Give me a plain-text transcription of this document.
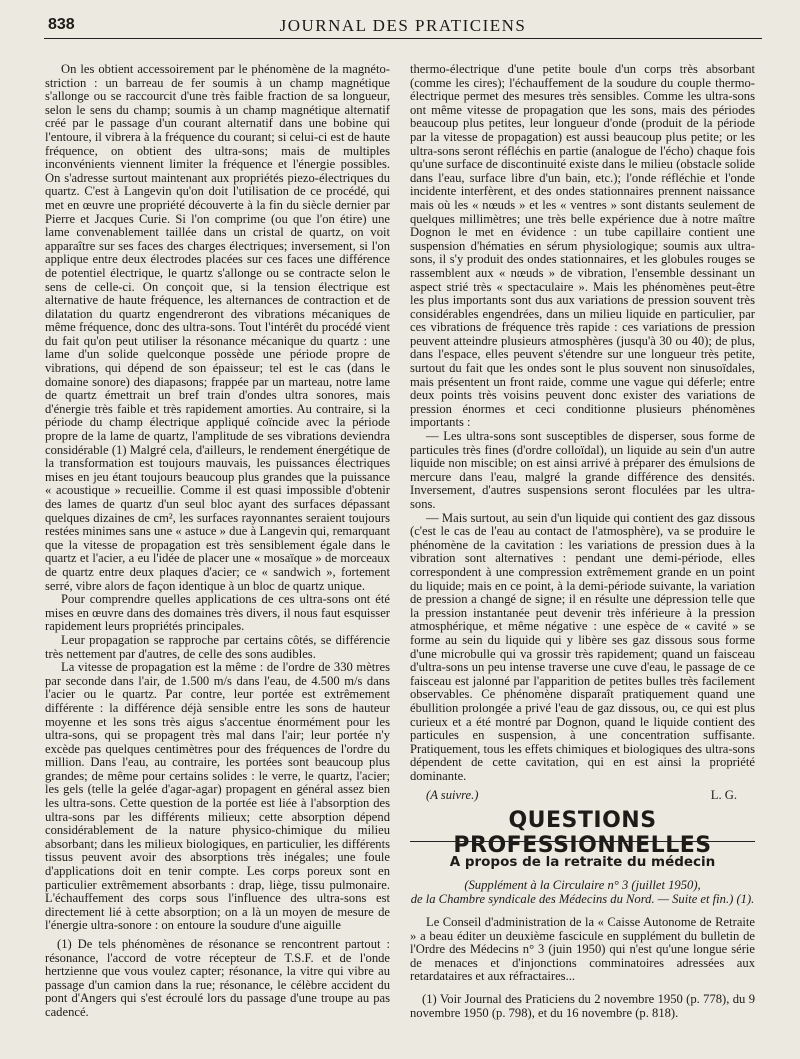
838	JOURNAL DES PRATICIENS

On les obtient accessoirement par le phénomène de la magnéto-striction : un barreau de fer soumis à un champ magnétique s'allonge ou se raccourcit d'une très faible fraction de sa longueur, selon le sens du champ; soumis à un champ magnétique alternatif créé par le passage d'un courant alternatif dans une bobine qui l'entoure, il vibrera à la fréquence du courant; si celui-ci est de haute fréquence, on obtient des ultra-sons; mais de multiples inconvénients viennent limiter la fréquence et l'énergie possibles. On s'adresse surtout maintenant aux propriétés piezo-électriques du quartz. C'est à Langevin qu'on doit l'utilisation de ce procédé, qui met en œuvre une propriété découverte à la fin du siècle dernier par Pierre et Jacques Curie. Si l'on comprime (ou que l'on étire) une lame convenablement taillée dans un cristal de quartz, on voit apparaître sur ses faces des charges électriques; inversement, si l'on applique entre deux électrodes placées sur ces faces une différence de potentiel électrique, le quartz s'allonge ou se contracte selon le sens de celle-ci. On conçoit que, si la tension électrique est alternative de haute fréquence, les alternances de contraction et de dilatation du quartz engendreront des vibrations mécaniques de même fréquence, donc des ultra-sons. Tout l'intérêt du procédé vient du fait qu'on peut utiliser la résonance mécanique du quartz : une lame d'un solide quelconque possède une période propre de vibrations, qui dépend de son épaisseur; tel est le cas (dans le domaine sonore) des diapasons; frappée par un marteau, notre lame de quartz émettrait un bref train d'ondes ultra sonores, mais d'énergie très faible et très rapidement amorties. Au contraire, si la période du champ électrique appliqué coïncide avec la période propre de la lame de quartz, l'amplitude de ses vibrations deviendra considérable (1) Malgré cela, d'ailleurs, le rendement énergétique de la transformation est toujours mauvais, les puissances électriques mises en jeu étant toujours beaucoup plus grandes que la puissance « acoustique » recueillie. Comme il est quasi impossible d'obtenir des lames de quartz d'un seul bloc ayant des surfaces dépassant quelques dizaines de cm², les surfaces rayonnantes seraient toujours restées minimes sans une « astuce » due à Langevin qui, remarquant que la vitesse de propagation est très sensiblement égale dans le quartz et l'acier, a eu l'idée de placer une « mosaïque » de morceaux de quartz entre deux plaques d'acier; ce « sandwich », fortement serré, vibre alors de façon identique à un bloc de quartz unique.

Pour comprendre quelles applications de ces ultra-sons ont été mises en œuvre dans des domaines très divers, il nous faut esquisser rapidement leurs propriétés principales.

Leur propagation se rapproche par certains côtés, se différencie très nettement par d'autres, de celle des sons audibles.

La vitesse de propagation est la même : de l'ordre de 330 mètres par seconde dans l'air, de 1.500 m/s dans l'eau, de 4.500 m/s dans l'acier ou le quartz. Par contre, leur portée est extrêmement différente : la différence déjà sensible entre les sons de hauteur moyenne et les sons très aigus s'accentue énormément pour les ultra-sons, qui se propagent très mal dans l'air; leur portée n'y excède pas quelques centimètres pour des fréquences de l'ordre du million. Dans l'eau, au contraire, les portées sont beaucoup plus grandes; de même pour certains solides : le verre, le quartz, l'acier; les gels (telle la gelée d'agar-agar) propagent en général assez bien les ultra-sons. Cette question de la portée est liée à l'absorption des ultra-sons par les différents milieux; cette absorption dépend considérablement de la nature physico-chimique du milieu absorbant; dans les milieux biologiques, en particulier, les différents tissus peuvent avoir des absorptions très inégales; une foule d'applications doit en tenir compte. Les corps poreux sont en particulier extrêmement absorbants : drap, liège, tissu pulmonaire. L'échauffement des corps sous l'influence des ultra-sons est directement lié à cette absorption; on a là un moyen de mesure de l'énergie ultra-sonore : on entoure la soudure d'une aiguille

(1) De tels phénomènes de résonance se rencontrent partout : résonance, l'accord de votre récepteur de T.S.F. et de l'onde hertzienne que vous voulez capter; résonance, la vitre qui vibre au passage d'un camion dans la rue; résonance, le célèbre accident du pont d'Angers qui s'est écroulé lors du passage d'une troupe au pas cadencé.

thermo-électrique d'une petite boule d'un corps très absorbant (comme les cires); l'échauffement de la soudure du couple thermo-électrique permet des mesures très sensibles. Comme les ultra-sons ont même vitesse de propagation que les sons, mais des périodes beaucoup plus petites, leur longueur d'onde (produit de la période par la vitesse de propagation) est aussi beaucoup plus petite; or les ultra-sons seront réfléchis en partie (analogue de l'écho) chaque fois qu'une surface de discontinuité existe dans le milieu (obstacle solide dans l'eau, surface libre d'un bain, etc.); l'onde réfléchie et l'onde incidente interfèrent, et des ondes stationnaires prennent naissance mais où les « nœuds » et les « ventres » sont distants seulement de quelques millimètres; une très belle expérience due à notre maître Dognon le met en évidence : un tube capillaire contient une suspension d'hématies en sérum physiologique; soumis aux ultra-sons, il s'y produit des ondes stationnaires, et les globules rouges se rassemblent aux « nœuds » de vibration, l'ensemble dessinant un aspect strié très « spectaculaire ». Mais les phénomènes peut-être les plus importants sont dus aux variations de pression souvent très considérables engendrées, dans un milieu liquide en particulier, par ces vibrations de fréquence très rapide : ces variations de pression peuvent atteindre plusieurs atmosphères (jusqu'à 30 ou 40); de plus, dans l'espace, elles peuvent s'étendre sur une longueur très petite, surtout du fait que les ondes sont le plus souvent non sinusoïdales, mais présentent un front raide, comme une vague qui déferle; entre deux points très voisins peuvent donc exister des variations de pression énormes et ceci conditionne plusieurs phénomènes importants :

— Les ultra-sons sont susceptibles de disperser, sous forme de particules très fines (d'ordre colloïdal), un liquide au sein d'un autre liquide non miscible; on est ainsi arrivé à préparer des émulsions de mercure dans l'eau, malgré la grande différence des densités. Inversement, d'autres suspensions seront floculées par les ultra-sons.

— Mais surtout, au sein d'un liquide qui contient des gaz dissous (c'est le cas de l'eau au contact de l'atmosphère), va se produire le phénomène de la cavitation : les variations de pression dues à la vibration sont alternatives : pendant une demi-période, elles correspondent à une compression extrêmement grande en un point du liquide; mais en ce point, à la demi-période suivante, la variation de pression a changé de signe; il en résulte une dépression telle que la pression instantanée peut devenir très inférieure à la pression atmosphérique, et même négative : une espèce de « cavité » se forme au sein du liquide qui y libère ses gaz dissous sous forme d'une microbulle qui va grossir très rapidement; quand un faisceau d'ultra-sons un peu intense traverse une cuve d'eau, le passage de ce faisceau est jalonné par l'apparition de petites bulles très facilement observables. Ce phénomène disparaît pratiquement quand une ébullition prolongée a privé l'eau de gaz dissous, ou, ce qui est plus curieux et a été montré par Dognon, quand le liquide contient des particules en suspension, à une concentration suffisante. Pratiquement, tous les effets chimiques et biologiques des ultra-sons dépendent de cette cavitation, qui en est ainsi la propriété dominante.

(A suivre.)	L. G.
QUESTIONS PROFESSIONNELLES
A propos de la retraite du médecin
(Supplément à la Circulaire n° 3 (juillet 1950),
de la Chambre syndicale des Médecins du Nord. — Suite et fin.) (1).

Le Conseil d'administration de la « Caisse Autonome de Retraite » a beau éditer un deuxième fascicule en supplément du bulletin de l'Ordre des Médecins n° 3 (juin 1950) qui n'est qu'une longue série de menaces et d'injonctions comminatoires adressées aux retardataires et aux réfractaires...

(1) Voir Journal des Praticiens du 2 novembre 1950 (p. 778), du 9 novembre 1950 (p. 798), et du 16 novembre (p. 818).
